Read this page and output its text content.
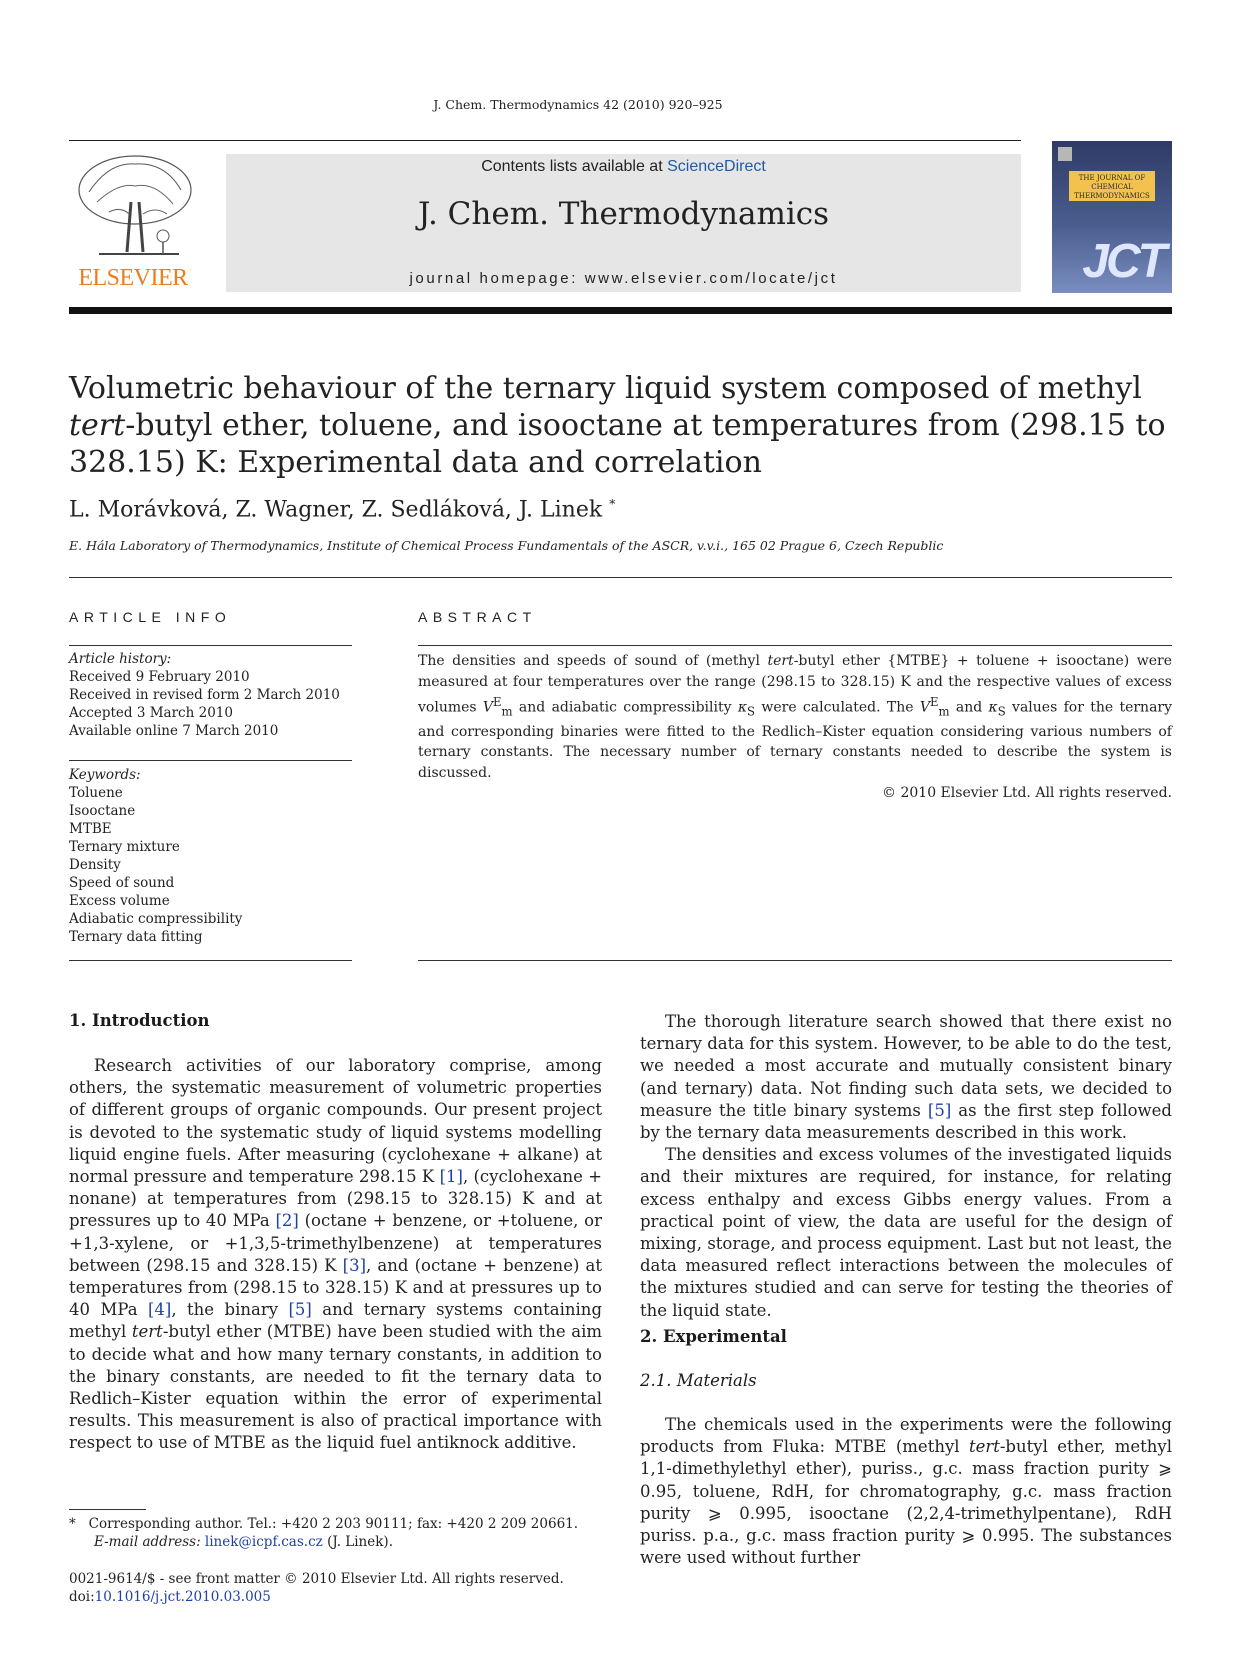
J. Chem. Thermodynamics 42 (2010) 920–925
ELSEVIER
Contents lists available at ScienceDirect
J. Chem. Thermodynamics
journal homepage: www.elsevier.com/locate/jct
THE JOURNAL OF CHEMICAL THERMODYNAMICS
JCT
Volumetric behaviour of the ternary liquid system composed of methyl tert-butyl ether, toluene, and isooctane at temperatures from (298.15 to 328.15) K: Experimental data and correlation
L. Morávková, Z. Wagner, Z. Sedláková, J. Linek *
E. Hála Laboratory of Thermodynamics, Institute of Chemical Process Fundamentals of the ASCR, v.v.i., 165 02 Prague 6, Czech Republic
ARTICLE INFO
Article history:
Received 9 February 2010
Received in revised form 2 March 2010
Accepted 3 March 2010
Available online 7 March 2010
Keywords:
Toluene
Isooctane
MTBE
Ternary mixture
Density
Speed of sound
Excess volume
Adiabatic compressibility
Ternary data fitting
ABSTRACT
The densities and speeds of sound of (methyl tert-butyl ether {MTBE} + toluene + isooctane) were measured at four temperatures over the range (298.15 to 328.15) K and the respective values of excess volumes $V^E_m$ and adiabatic compressibility $\kappa_S$ were calculated. The $V^E_m$ and $\kappa_S$ values for the ternary and corresponding binaries were fitted to the Redlich–Kister equation considering various numbers of ternary constants. The necessary number of ternary constants needed to describe the system is discussed.
© 2010 Elsevier Ltd. All rights reserved.
1. Introduction

Research activities of our laboratory comprise, among others, the systematic measurement of volumetric properties of different groups of organic compounds. Our present project is devoted to the systematic study of liquid systems modelling liquid engine fuels. After measuring (cyclohexane + alkane) at normal pressure and temperature 298.15 K [1], (cyclohexane + nonane) at temperatures from (298.15 to 328.15) K and at pressures up to 40 MPa [2] (octane + benzene, or +toluene, or +1,3-xylene, or +1,3,5-trimethylbenzene) at temperatures between (298.15 and 328.15) K [3], and (octane + benzene) at temperatures from (298.15 to 328.15) K and at pressures up to 40 MPa [4], the binary [5] and ternary systems containing methyl tert-butyl ether (MTBE) have been studied with the aim to decide what and how many ternary constants, in addition to the binary constants, are needed to fit the ternary data to Redlich–Kister equation within the error of experimental results. This measurement is also of practical importance with respect to use of MTBE as the liquid fuel antiknock additive.

The thorough literature search showed that there exist no ternary data for this system. However, to be able to do the test, we needed a most accurate and mutually consistent binary (and ternary) data. Not finding such data sets, we decided to measure the title binary systems [5] as the first step followed by the ternary data measurements described in this work.

The densities and excess volumes of the investigated liquids and their mixtures are required, for instance, for relating excess enthalpy and excess Gibbs energy values. From a practical point of view, the data are useful for the design of mixing, storage, and process equipment. Last but not least, the data measured reflect interactions between the molecules of the mixtures studied and can serve for testing the theories of the liquid state.

2. Experimental
2.1. Materials

The chemicals used in the experiments were the following products from Fluka: MTBE (methyl tert-butyl ether, methyl 1,1-dimethylethyl ether), puriss., g.c. mass fraction purity ⩾ 0.95, toluene, RdH, for chromatography, g.c. mass fraction purity ⩾ 0.995, isooctane (2,2,4-trimethylpentane), RdH puriss. p.a., g.c. mass fraction purity ⩾ 0.995. The substances were used without further

* Corresponding author. Tel.: +420 2 203 90111; fax: +420 2 209 20661.
E-mail address: linek@icpf.cas.cz (J. Linek).
0021-9614/$ - see front matter © 2010 Elsevier Ltd. All rights reserved.
doi:10.1016/j.jct.2010.03.005
